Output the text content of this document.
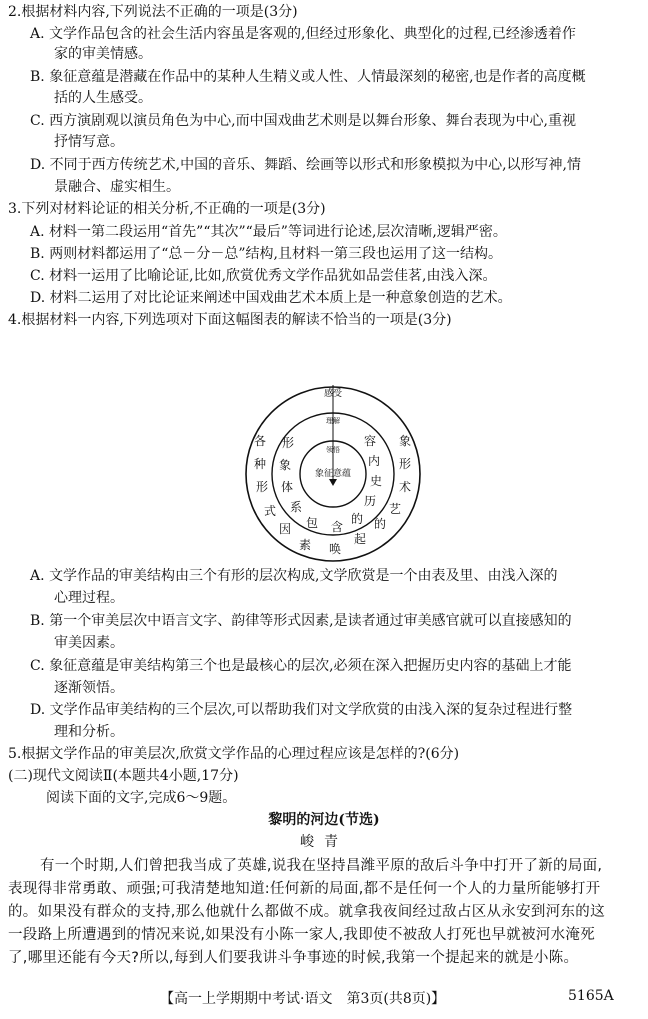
2.根据材料内容,下列说法不正确的一项是(3分)
A. 文学作品包含的社会生活内容虽是客观的,但经过形象化、典型化的过程,已经渗透着作
家的审美情感。
B. 象征意蕴是潜藏在作品中的某种人生精义或人性、人情最深刻的秘密,也是作者的高度概
括的人生感受。
C. 西方演剧观以演员角色为中心,而中国戏曲艺术则是以舞台形象、舞台表现为中心,重视
抒情写意。
D. 不同于西方传统艺术,中国的音乐、舞蹈、绘画等以形式和形象模拟为中心,以形写神,情
景融合、虚实相生。
3.下列对材料论证的相关分析,不正确的一项是(3分)
A. 材料一第二段运用“首先”“其次”“最后”等词进行论述,层次清晰,逻辑严密。
B. 两则材料都运用了“总－分－总”结构,且材料一第三段也运用了这一结构。
C. 材料一运用了比喻论证,比如,欣赏优秀文学作品犹如品尝佳茗,由浅入深。
D. 材料二运用了对比论证来阐述中国戏曲艺术本质上是一种意象创造的艺术。
4.根据材料一内容,下列选项对下面这幅图表的解读不恰当的一项是(3分)
感受
理解
领悟
象征意蕴
各
种
形
式
因
素
象
形
术
艺
的
起
唤
形
象
体
系
包 含
容
内
史
历
的
A. 文学作品的审美结构由三个有形的层次构成,文学欣赏是一个由表及里、由浅入深的
心理过程。
B. 第一个审美层次中语言文字、韵律等形式因素,是读者通过审美感官就可以直接感知的
审美因素。
C. 象征意蕴是审美结构第三个也是最核心的层次,必须在深入把握历史内容的基础上才能
逐渐领悟。
D. 文学作品审美结构的三个层次,可以帮助我们对文学欣赏的由浅入深的复杂过程进行整
理和分析。
5.根据文学作品的审美层次,欣赏文学作品的心理过程应该是怎样的?(6分)
(二)现代文阅读Ⅱ(本题共4小题,17分)
阅读下面的文字,完成6～9题。
黎明的河边(节选)
峻青
有一个时期,人们曾把我当成了英雄,说我在坚持昌潍平原的敌后斗争中打开了新的局面,
表现得非常勇敢、顽强;可我清楚地知道:任何新的局面,都不是任何一个人的力量所能够打开
的。如果没有群众的支持,那么他就什么都做不成。就拿我夜间经过敌占区从永安到河东的这
一段路上所遭遇到的情况来说,如果没有小陈一家人,我即使不被敌人打死也早就被河水淹死
了,哪里还能有今天?所以,每到人们要我讲斗争事迹的时候,我第一个提起来的就是小陈。
【高一上学期期中考试·语文　第3页(共8页)】	5165A
